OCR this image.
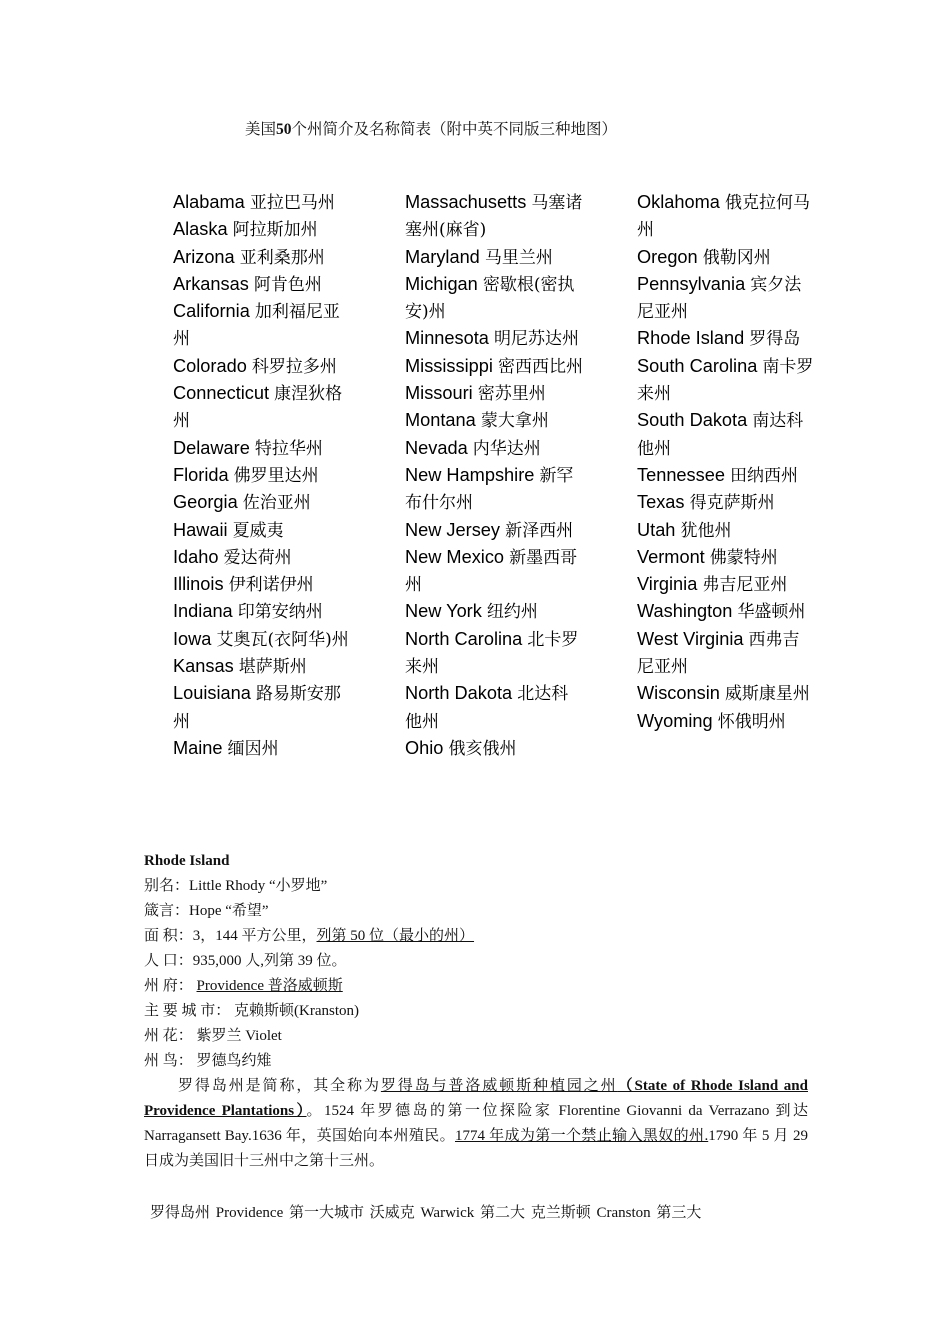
美国50个州简介及名称简表（附中英不同版三种地图）
Alabama 亚拉巴马州
Alaska 阿拉斯加州
Arizona 亚利桑那州
Arkansas 阿肯色州
California 加利福尼亚州
Colorado 科罗拉多州
Connecticut 康涅狄格州
Delaware 特拉华州
Florida 佛罗里达州
Georgia 佐治亚州
Hawaii 夏威夷
Idaho 爱达荷州
Illinois 伊利诺伊州
Indiana 印第安纳州
Iowa 艾奥瓦(衣阿华)州
Kansas 堪萨斯州
Louisiana 路易斯安那州
Maine 缅因州
Massachusetts 马塞诸塞州(麻省)
Maryland 马里兰州
Michigan 密歇根(密执安)州
Minnesota 明尼苏达州
Mississippi 密西西比州
Missouri 密苏里州
Montana 蒙大拿州
Nevada 内华达州
New Hampshire 新罕布什尔州
New Jersey 新泽西州
New Mexico 新墨西哥州
New York 纽约州
North Carolina 北卡罗来州
North Dakota 北达科他州
Ohio 俄亥俄州
Oklahoma 俄克拉何马州
Oregon 俄勒冈州
Pennsylvania 宾夕法尼亚州
Rhode Island 罗得岛
South Carolina 南卡罗来州
South Dakota 南达科他州
Tennessee 田纳西州
Texas 得克萨斯州
Utah 犹他州
Vermont 佛蒙特州
Virginia 弗吉尼亚州
Washington 华盛顿州
West Virginia 西弗吉尼亚州
Wisconsin 威斯康星州
Wyoming 怀俄明州
Rhode Island
别名：Little Rhody “小罗地”
箴言：Hope “希望”
面 积：3，144 平方公里，列第 50 位（最小的州）
人 口：935,000 人,列第 39 位。
州 府： Providence 普洛威顿斯
主 要 城 市： 克赖斯顿(Kranston)
州 花： 紫罗兰 Violet
州 鸟： 罗德鸟约雉
罗得岛州是简称，其全称为罗得岛与普洛威顿斯种植园之州（State of Rhode Island and Providence Plantations）。1524 年罗德岛的第一位探险家 Florentine Giovanni da Verrazano 到达 Narragansett Bay.1636 年，英国始向本州殖民。1774 年成为第一个禁止输入黑奴的州.1790 年 5 月 29 日成为美国旧十三州中之第十三州。
罗得岛州 Providence 第一大城市 沃威克 Warwick 第二大 克兰斯顿 Cranston 第三大
